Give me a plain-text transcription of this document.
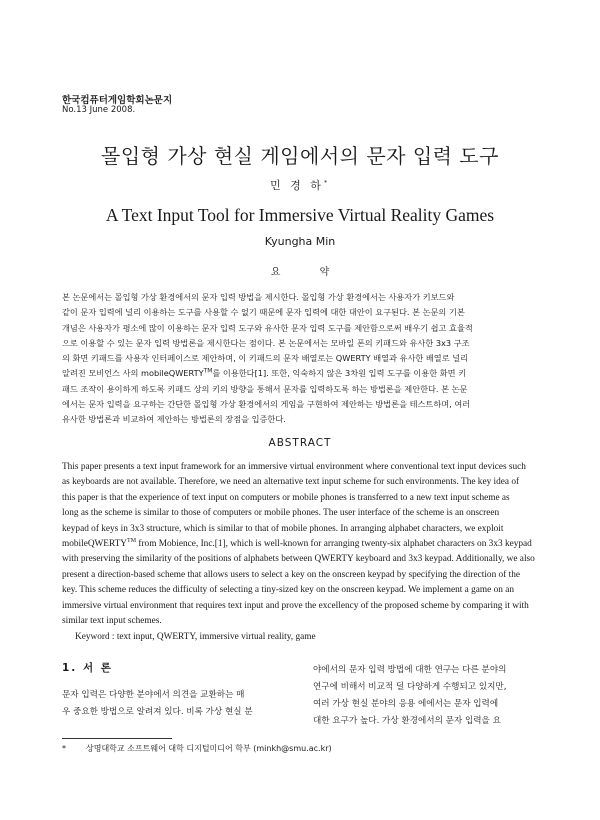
한국컴퓨터게임학회논문지
No.13 June 2008.
몰입형 가상 현실 게임에서의 문자 입력 도구
민 경 하*
A Text Input Tool for Immersive Virtual Reality Games
Kyungha Min
요 약
본 논문에서는 몰입형 가상 환경에서의 문자 입력 방법을 제시한다. 몰입형 가상 환경에서는 사용자가 키보드와
같이 문자 입력에 널리 이용하는 도구를 사용할 수 없기 때문에 문자 입력에 대한 대안이 요구된다. 본 논문의 기본
개념은 사용자가 평소에 많이 이용하는 문자 입력 도구와 유사한 문자 입력 도구를 제안함으로써 배우기 쉽고 효율적
으로 이용할 수 있는 문자 입력 방법론을 제시한다는 점이다. 본 논문에서는 모바일 폰의 키패드와 유사한 3x3 구조
의 화면 키패드를 사용자 인터페이스로 제안하며, 이 키패드의 문자 배열로는 QWERTY 배열과 유사한 배열로 널리
알려진 모비언스 사의 mobileQWERTY™를 이용한다[1]. 또한, 익숙하지 않은 3차원 입력 도구를 이용한 화면 키
패드 조작이 용이하게 하도록 키패드 상의 키의 방향을 통해서 문자를 입력하도록 하는 방법론을 제안한다. 본 논문
에서는 문자 입력을 요구하는 간단한 몰입형 가상 환경에서의 게임을 구현하여 제안하는 방법론을 테스트하며, 여러
유사한 방법론과 비교하여 제안하는 방법론의 장점을 입증한다.
ABSTRACT
This paper presents a text input framework for an immersive virtual environment where conventional text input devices such
as keyboards are not available. Therefore, we need an alternative text input scheme for such environments. The key idea of
this paper is that the experience of text input on computers or mobile phones is transferred to a new text input scheme as
long as the scheme is similar to those of computers or mobile phones. The user interface of the scheme is an onscreen
keypad of keys in 3x3 structure, which is similar to that of mobile phones. In arranging alphabet characters, we exploit
mobileQWERTY™ from Mobience, Inc.[1], which is well-known for arranging twenty-six alphabet characters on 3x3 keypad
with preserving the similarity of the positions of alphabets between QWERTY keyboard and 3x3 keypad. Additionally, we also
present a direction-based scheme that allows users to select a key on the onscreen keypad by specifying the direction of the
key. This scheme reduces the difficulty of selecting a tiny-sized key on the onscreen keypad. We implement a game on an
immersive virtual environment that requires text input and prove the excellency of the proposed scheme by comparing it with
similar text input schemes.
Keyword : text input, QWERTY, immersive virtual reality, game
1. 서 론
문자 입력은 다양한 분야에서 의견을 교환하는 매
우 중요한 방법으로 알려져 있다. 비록 가상 현실 분
야에서의 문자 입력 방법에 대한 연구는 다른 분야의
연구에 비해서 비교적 덜 다양하게 수행되고 있지만,
여러 가상 현실 분야의 응용 에에서는 문자 입력에
대한 요구가 높다. 가상 환경에서의 문자 입력을 요
*	상명대학교 소프트웨어 대학 디지털미디어 학부 (minkh@smu.ac.kr)
